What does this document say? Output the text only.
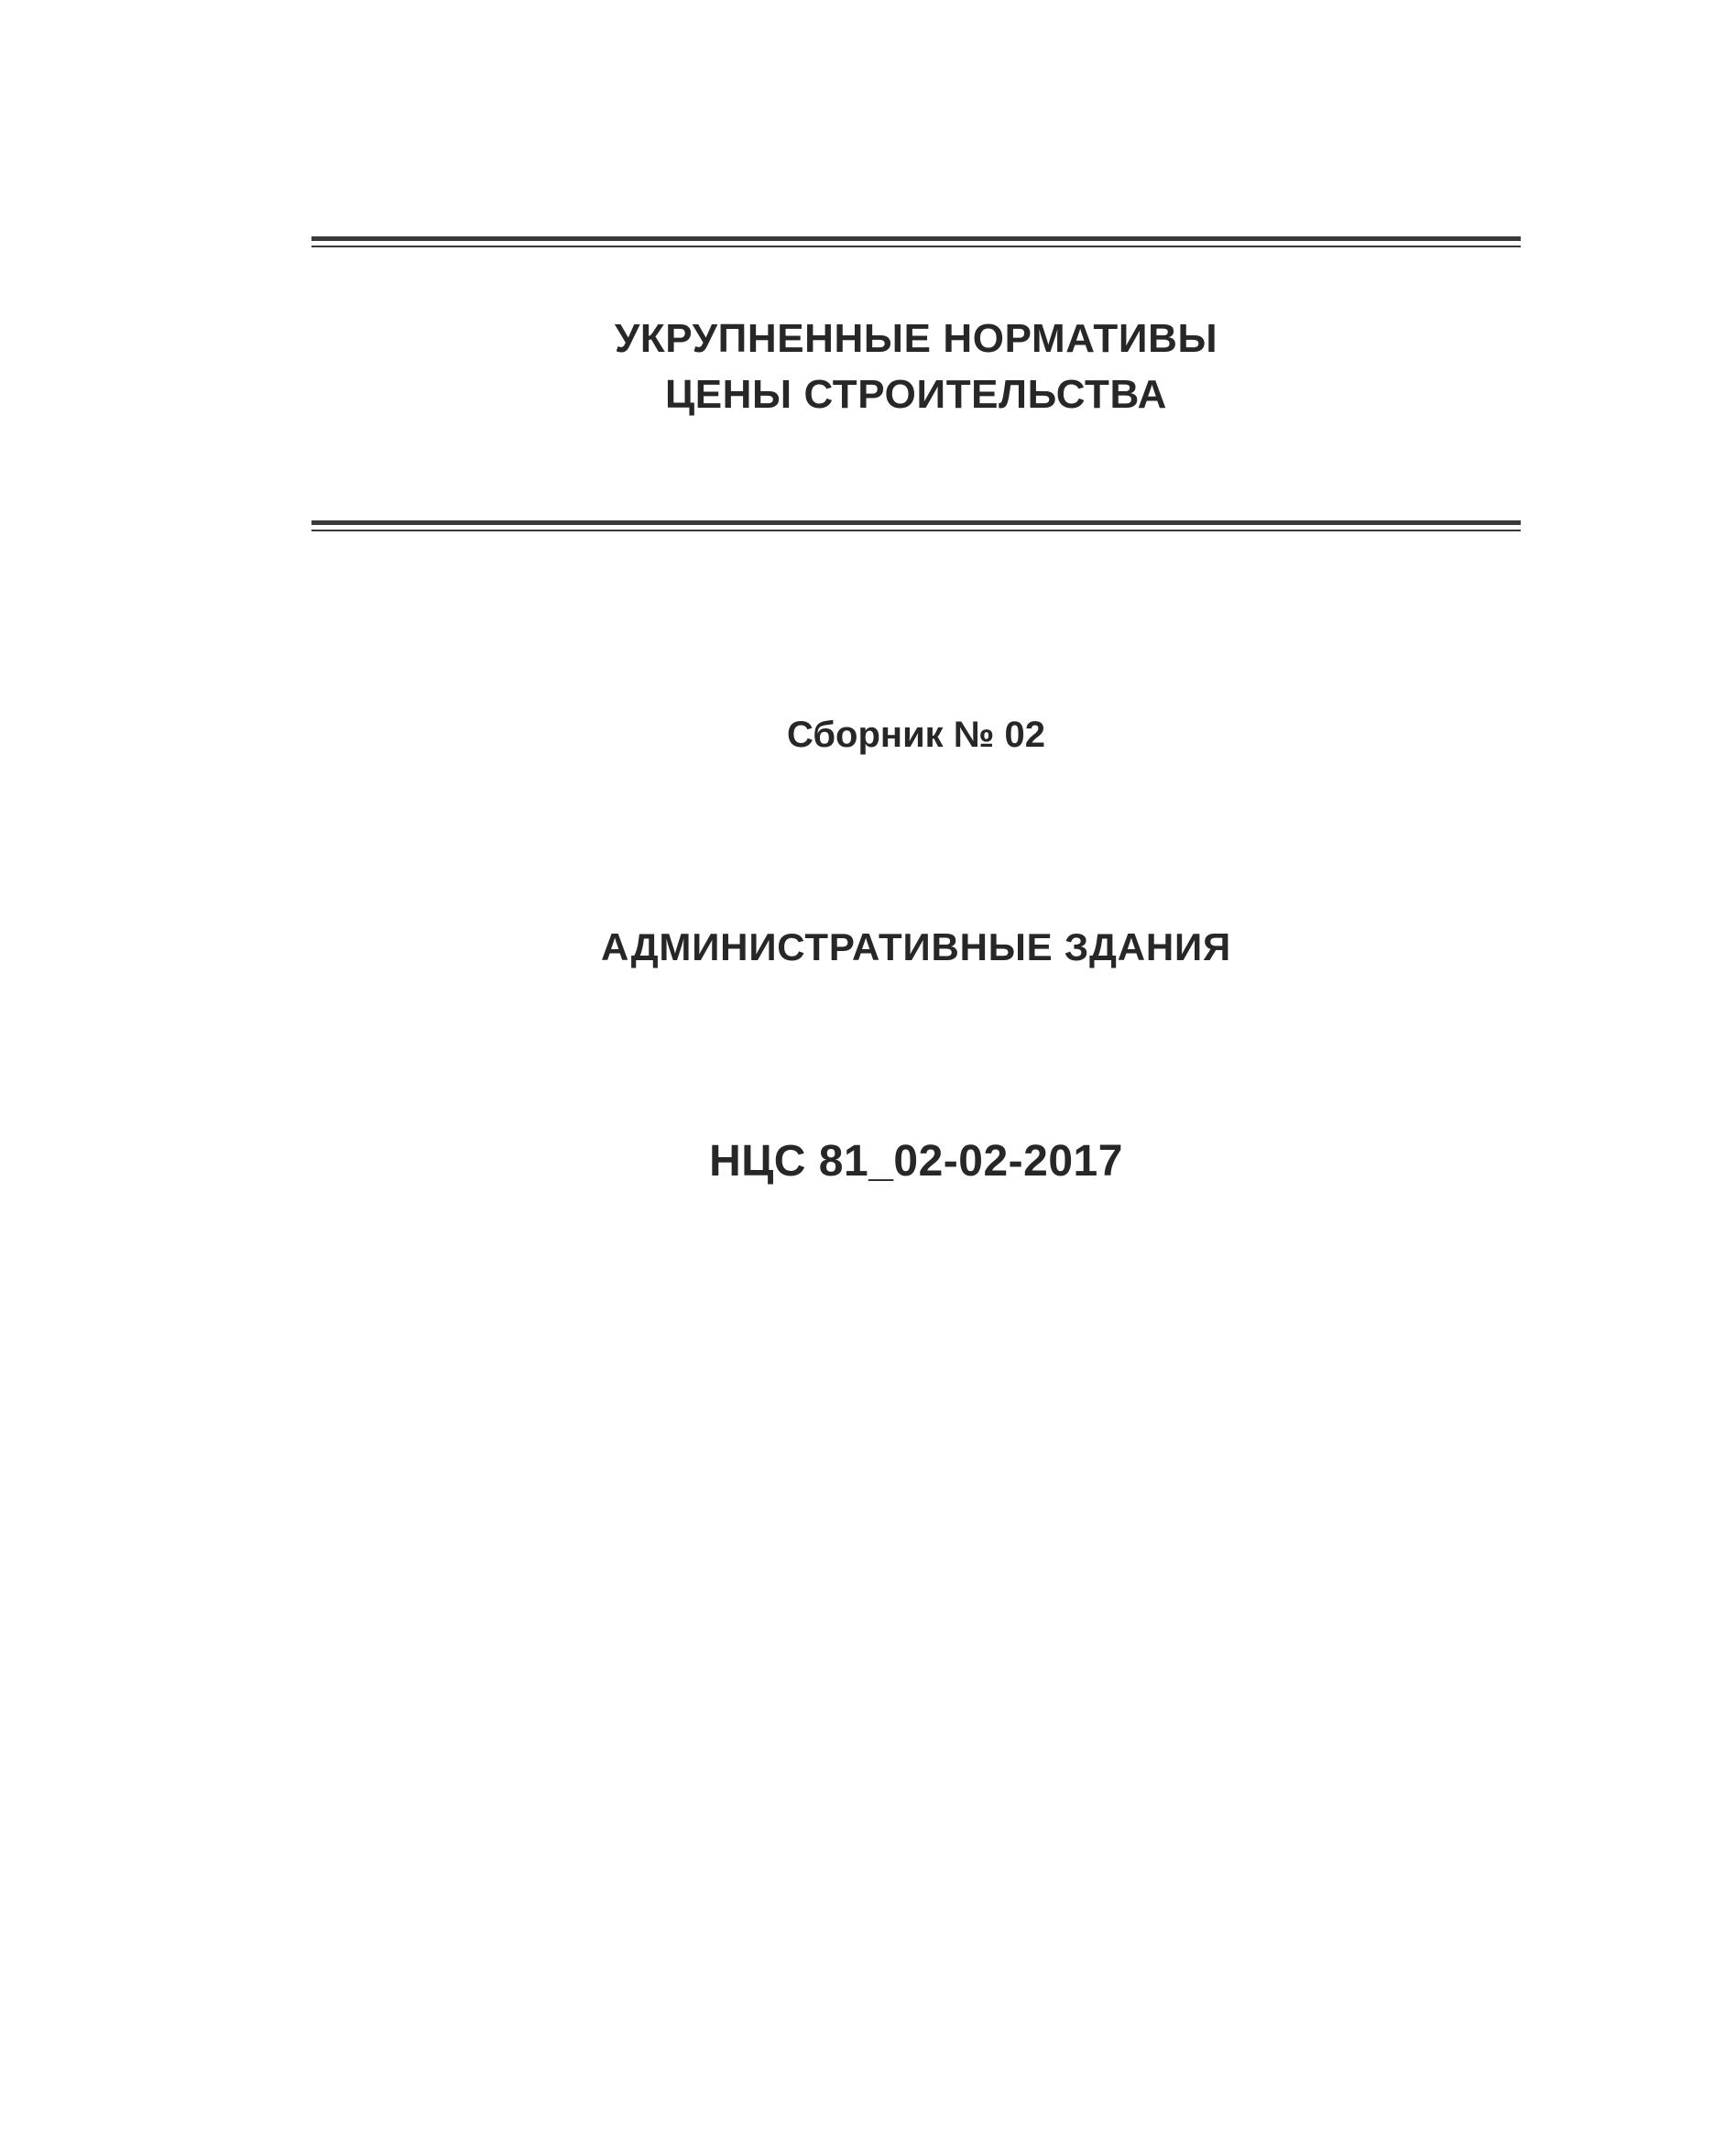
УКРУПНЕННЫЕ НОРМАТИВЫ
ЦЕНЫ СТРОИТЕЛЬСТВА
Сборник № 02
АДМИНИСТРАТИВНЫЕ ЗДАНИЯ
НЦС 81_02-02-2017
